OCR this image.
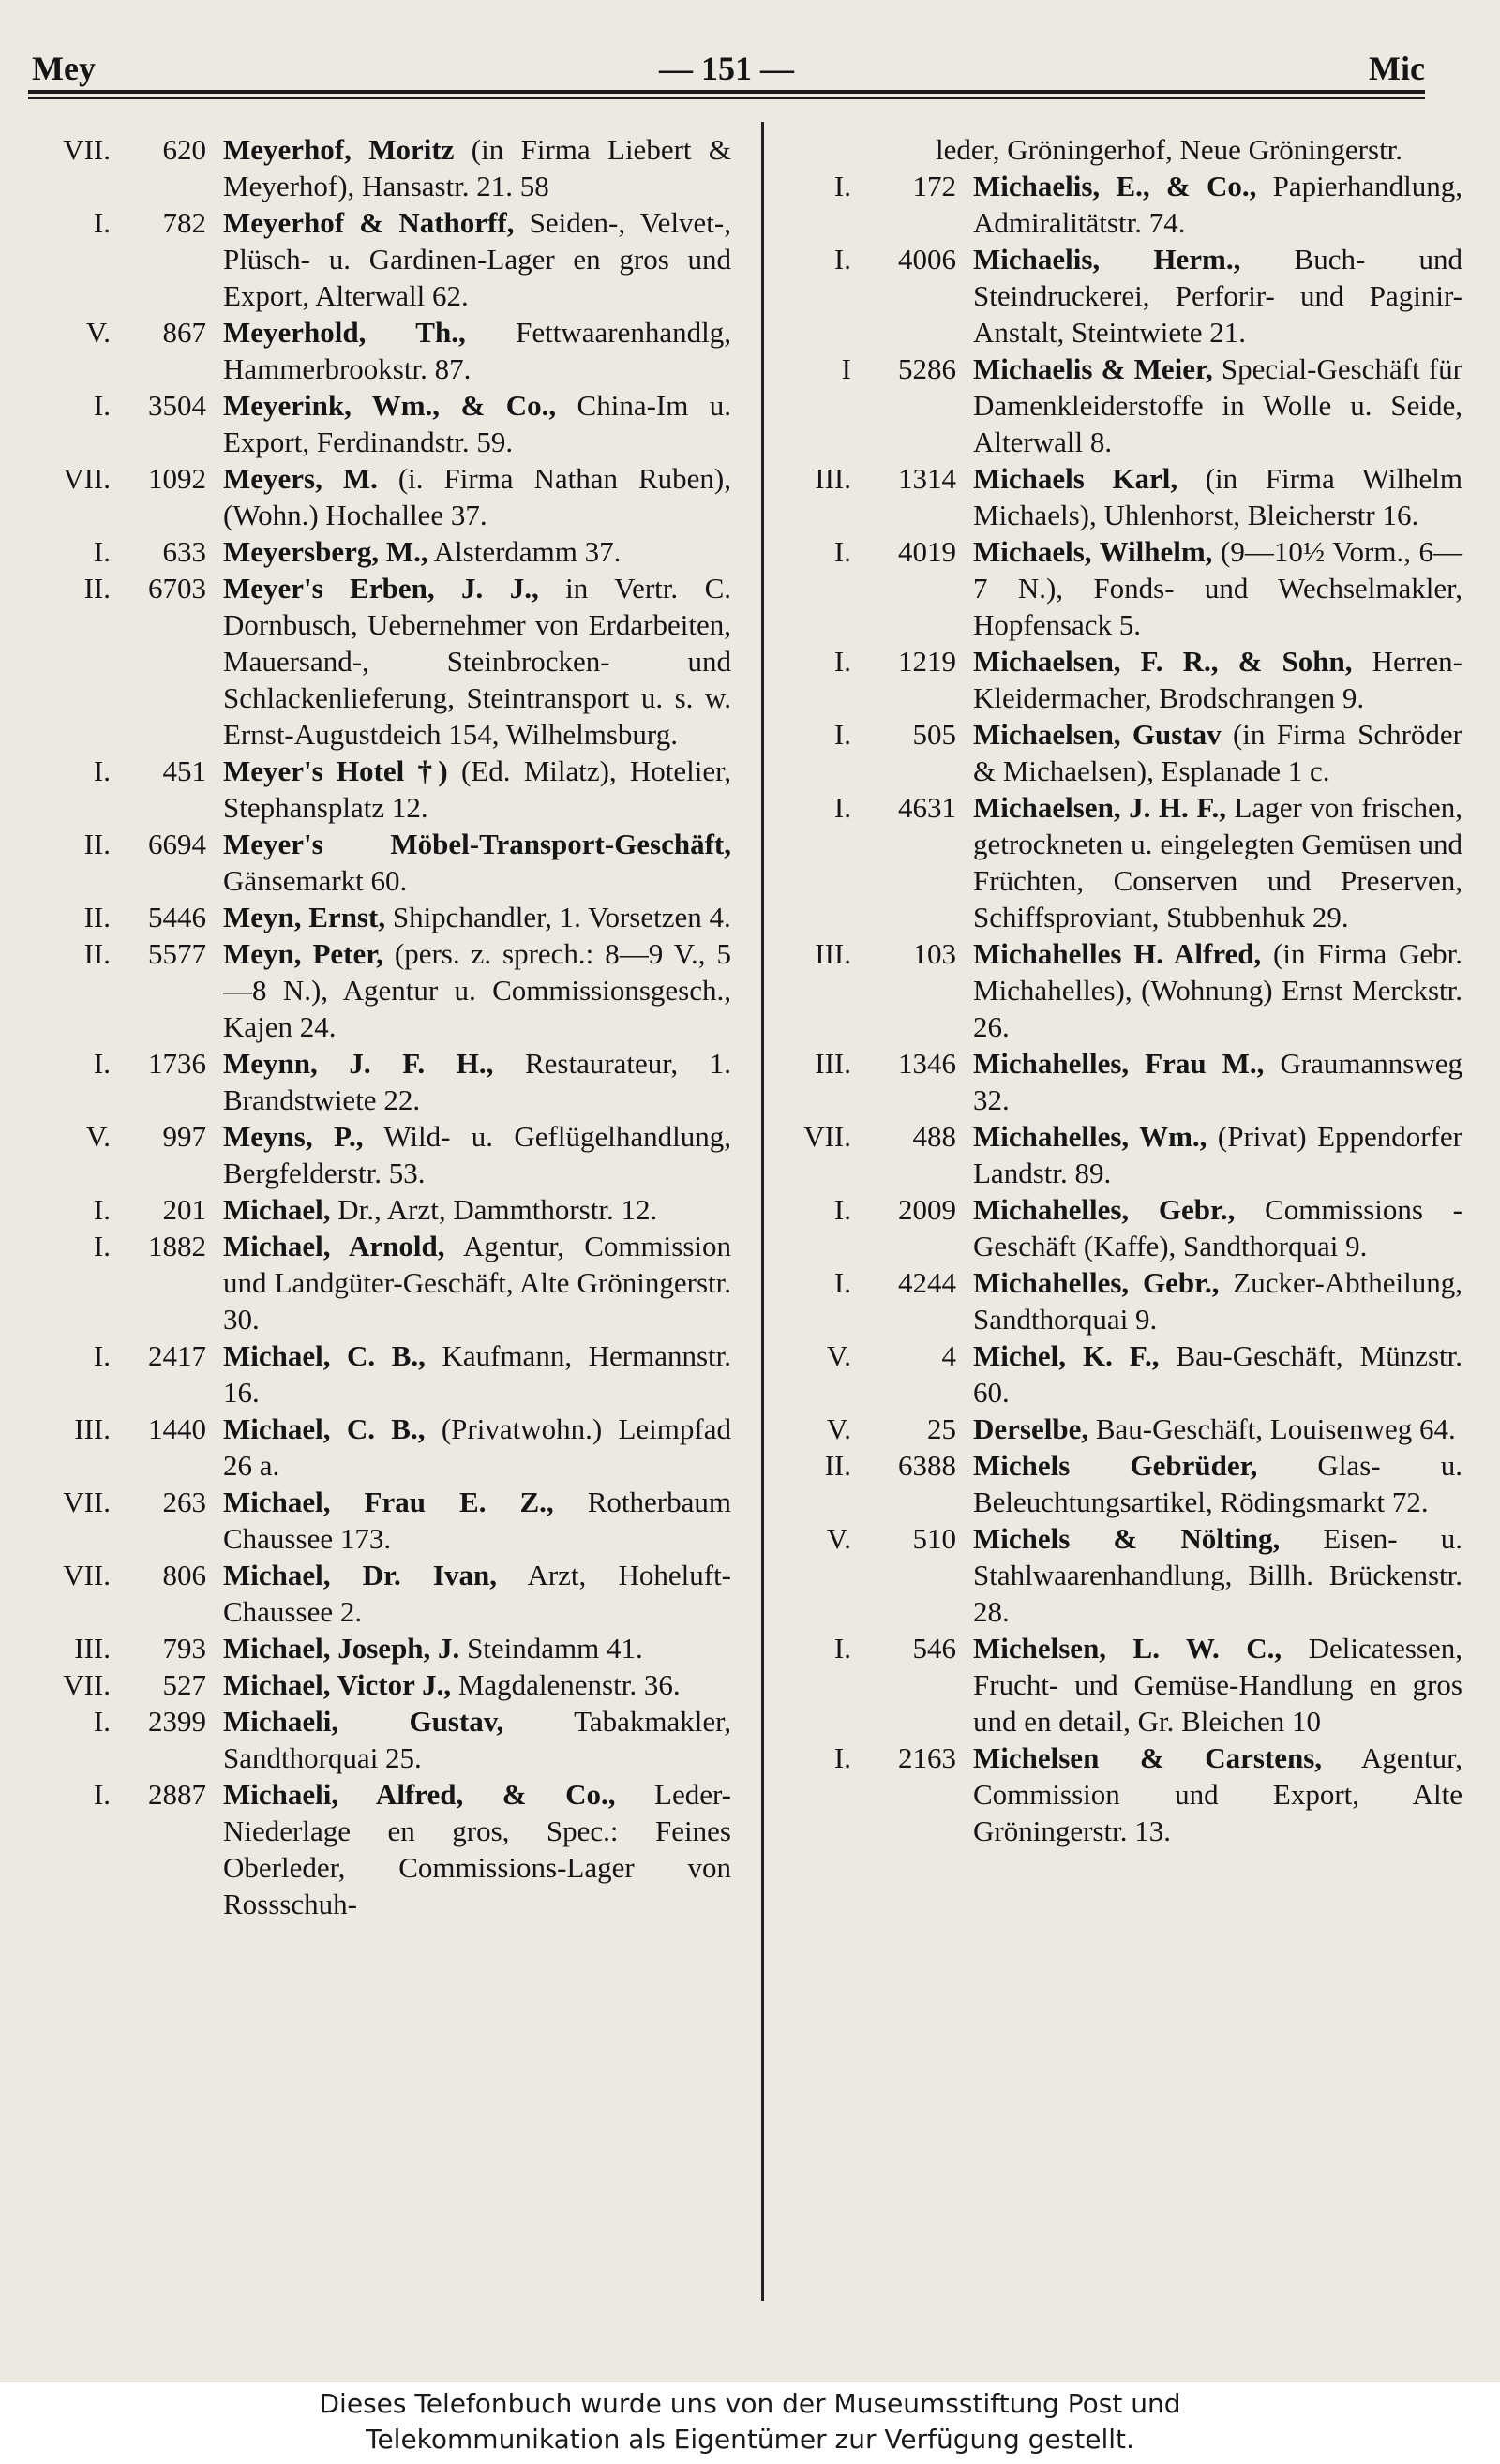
Mey	— 151 —	Mic
VII.	620 Meyerhof, Moritz (in Firma Liebert & Meyerhof), Hansastr. 21. 58
I.	782 Meyerhof & Nathorff, Seiden-, Velvet-, Plüsch- u. Gardinen-Lager en gros und Export, Alterwall 62.
V.	867 Meyerhold, Th., Fettwaarenhandlg, Hammerbrookstr. 87.
I.	3504 Meyerink, Wm., & Co., China-Im u. Export, Ferdinandstr. 59.
VII.	1092 Meyers, M. (i. Firma Nathan Ruben), (Wohn.) Hochallee 37.
I.	633 Meyersberg, M., Alsterdamm 37.
II.	6703 Meyer's Erben, J. J., in Vertr. C. Dornbusch, Uebernehmer von Erdarbeiten, Mauersand-, Steinbrocken- und Schlackenlieferung, Steintransport u. s. w. Ernst-Augustdeich 154, Wilhelmsburg.
I.	451 Meyer's Hotel †) (Ed. Milatz), Hotelier, Stephansplatz 12.
II.	6694 Meyer's Möbel-Transport-Geschäft, Gänsemarkt 60.
II.	5446 Meyn, Ernst, Shipchandler, 1. Vorsetzen 4.
II.	5577 Meyn, Peter, (pers. z. sprech.: 8—9 V., 5—8 N.), Agentur u. Commissionsgesch., Kajen 24.
I.	1736 Meynn, J. F. H., Restaurateur, 1. Brandstwiete 22.
V.	997 Meyns, P., Wild- u. Geflügelhandlung, Bergfelderstr. 53.
I.	201 Michael, Dr., Arzt, Dammthorstr. 12.
I.	1882 Michael, Arnold, Agentur, Commission und Landgüter-Geschäft, Alte Gröningerstr. 30.
I.	2417 Michael, C. B., Kaufmann, Hermannstr. 16.
III.	1440 Michael, C. B., (Privatwohn.) Leimpfad 26 a.
VII.	263 Michael, Frau E. Z., Rotherbaum Chaussee 173.
VII.	806 Michael, Dr. Ivan, Arzt, Hoheluft-Chaussee 2.
III.	793 Michael, Joseph, J. Steindamm 41.
VII.	527 Michael, Victor J., Magdalenenstr. 36.
I.	2399 Michaeli, Gustav, Tabakmakler, Sandthorquai 25.
I.	2887 Michaeli, Alfred, & Co., Leder-Niederlage en gros, Spec.: Feines Oberleder, Commissions-Lager von Rossschuh-
leder, Gröningerhof, Neue Gröningerstr.
I.	172 Michaelis, E., & Co., Papierhandlung, Admiralitätstr. 74.
I.	4006 Michaelis, Herm., Buch- und Steindruckerei, Perforir- und Paginir-Anstalt, Steintwiete 21.
I	5286 Michaelis & Meier, Special-Geschäft für Damenkleiderstoffe in Wolle u. Seide, Alterwall 8.
III.	1314 Michaels Karl, (in Firma Wilhelm Michaels), Uhlenhorst, Bleicherstr 16.
I.	4019 Michaels, Wilhelm, (9—10½ Vorm., 6—7 N.), Fonds- und Wechselmakler, Hopfensack 5.
I.	1219 Michaelsen, F. R., & Sohn, Herren-Kleidermacher, Brodschrangen 9.
I.	505 Michaelsen, Gustav (in Firma Schröder & Michaelsen), Esplanade 1 c.
I.	4631 Michaelsen, J. H. F., Lager von frischen, getrockneten u. eingelegten Gemüsen und Früchten, Conserven und Preserven, Schiffsproviant, Stubbenhuk 29.
III.	103 Michahelles H. Alfred, (in Firma Gebr. Michahelles), (Wohnung) Ernst Merckstr. 26.
III.	1346 Michahelles, Frau M., Graumannsweg 32.
VII.	488 Michahelles, Wm., (Privat) Eppendorfer Landstr. 89.
I.	2009 Michahelles, Gebr., Commissions - Geschäft (Kaffe), Sandthorquai 9.
I.	4244 Michahelles, Gebr., Zucker-Abtheilung, Sandthorquai 9.
V.	4 Michel, K. F., Bau-Geschäft, Münzstr. 60.
V.	25 Derselbe, Bau-Geschäft, Louisenweg 64.
II.	6388 Michels Gebrüder, Glas- u. Beleuchtungsartikel, Rödingsmarkt 72.
V.	510 Michels & Nölting, Eisen- u. Stahlwaarenhandlung, Billh. Brückenstr. 28.
I.	546 Michelsen, L. W. C., Delicatessen, Frucht- und Gemüse-Handlung en gros und en detail, Gr. Bleichen 10
I.	2163 Michelsen & Carstens, Agentur, Commission und Export, Alte Gröningerstr. 13.
Dieses Telefonbuch wurde uns von der Museumsstiftung Post und
Telekommunikation als Eigentümer zur Verfügung gestellt.
